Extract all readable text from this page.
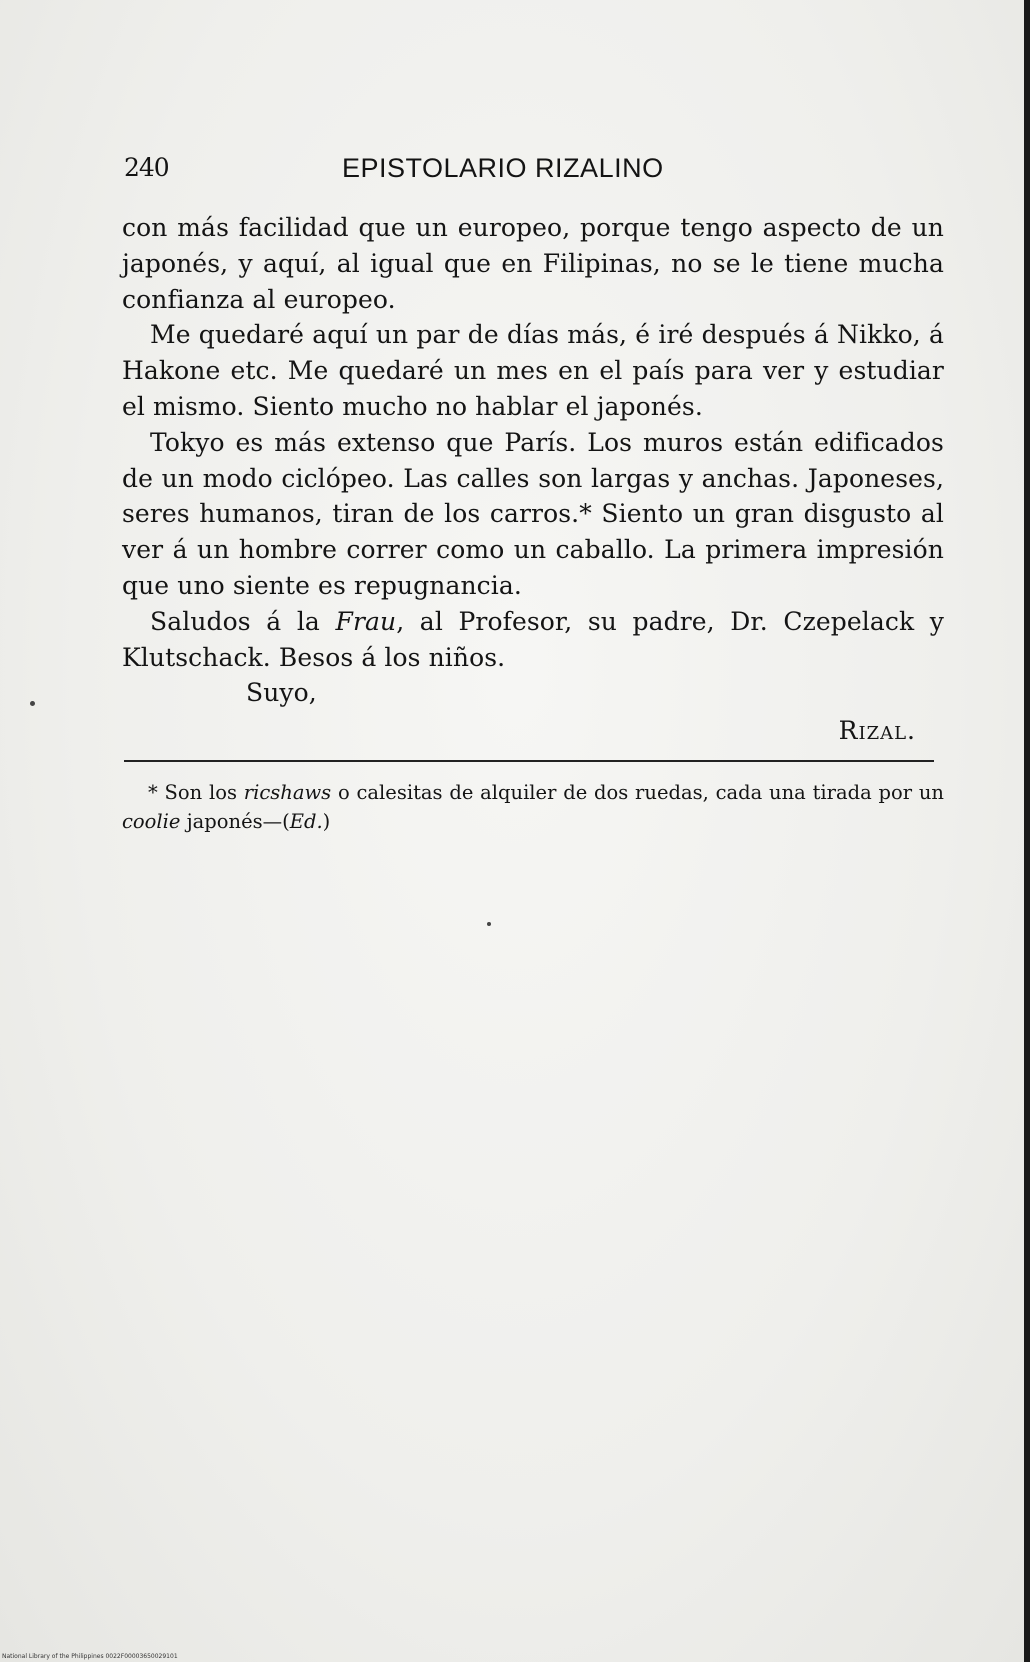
240	EPISTOLARIO RIZALINO

con más facilidad que un europeo, porque tengo aspecto de un japonés, y aquí, al igual que en Filipinas, no se le tiene mucha confianza al europeo.

Me quedaré aquí un par de días más, é iré después á Nikko, á Hakone etc. Me quedaré un mes en el país para ver y estudiar el mismo. Siento mucho no hablar el japonés.

Tokyo es más extenso que París. Los muros están edificados de un modo ciclópeo. Las calles son largas y anchas. Japoneses, seres humanos, tiran de los carros.* Siento un gran disgusto al ver á un hombre correr como un caballo. La primera impresión que uno siente es repugnancia.

Saludos á la Frau, al Profesor, su padre, Dr. Czepelack y Klutschack. Besos á los niños.

Suyo,

Rizal.

* Son los ricshaws o calesitas de alquiler de dos ruedas, cada una tirada por un coolie japonés—(Ed.)

National Library of the Philippines 0022F00003650029101
